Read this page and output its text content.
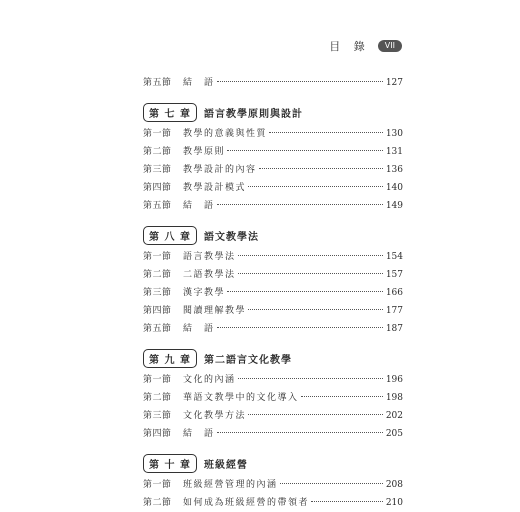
目 錄	VII
第五節	結　語	127
第 七 章	語言教學原則與設計
第一節	教學的意義與性質	130
第二節	教學原則	131
第三節	教學設計的內容	136
第四節	教學設計模式	140
第五節	結　語	149
第 八 章	語文教學法
第一節	語言教學法	154
第二節	二語教學法	157
第三節	漢字教學	166
第四節	閱讀理解教學	177
第五節	結　語	187
第 九 章	第二語言文化教學
第一節	文化的內涵	196
第二節	華語文教學中的文化導入	198
第三節	文化教學方法	202
第四節	結　語	205
第 十 章	班級經營
第一節	班級經營管理的內涵	208
第二節	如何成為班級經營的帶領者	210
